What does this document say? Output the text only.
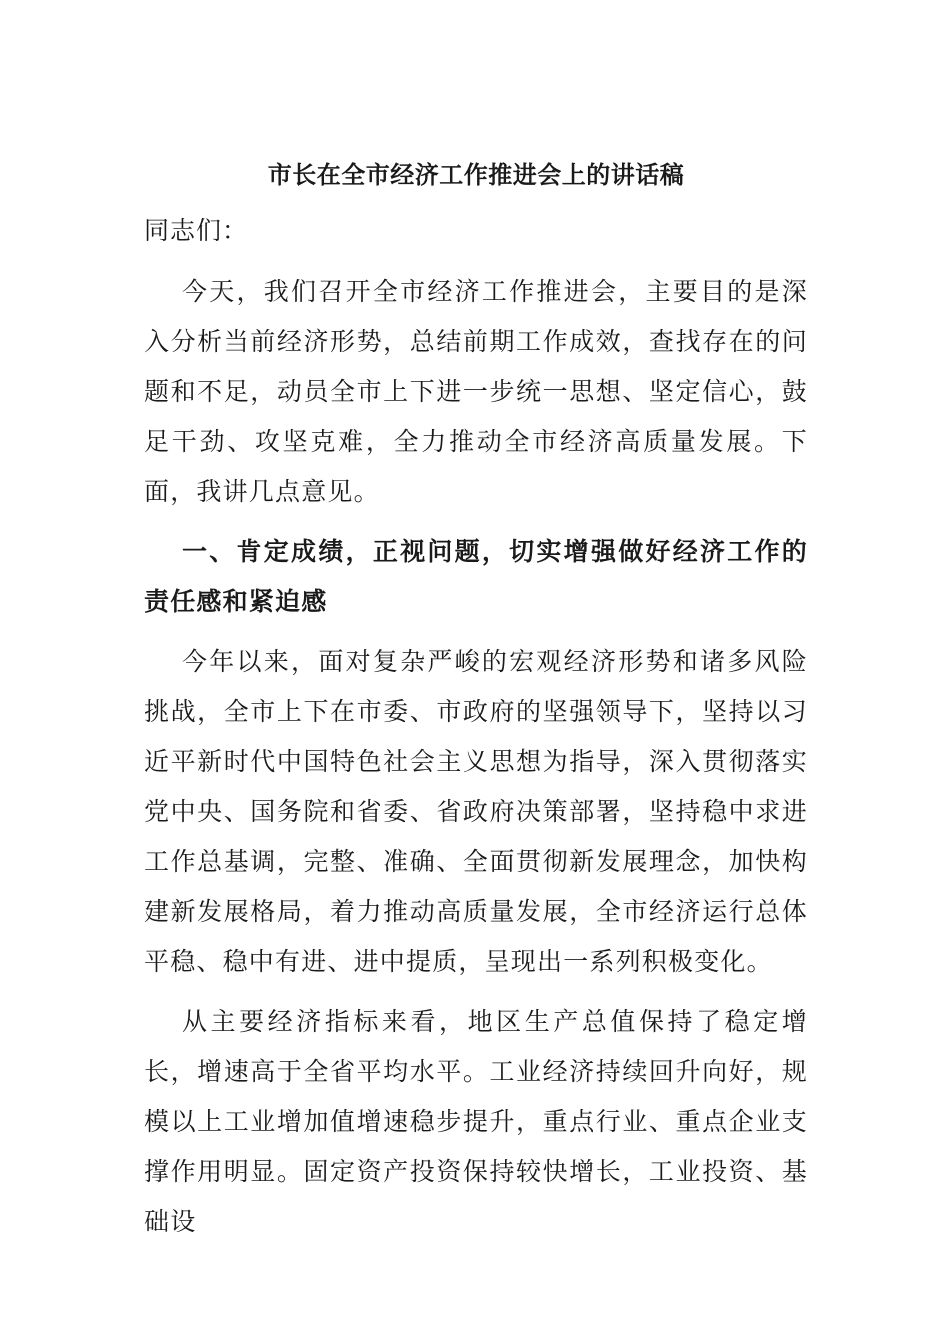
市长在全市经济工作推进会上的讲话稿

同志们：

今天，我们召开全市经济工作推进会，主要目的是深入分析当前经济形势，总结前期工作成效，查找存在的问题和不足，动员全市上下进一步统一思想、坚定信心，鼓足干劲、攻坚克难，全力推动全市经济高质量发展。下面，我讲几点意见。

一、肯定成绩，正视问题，切实增强做好经济工作的责任感和紧迫感

今年以来，面对复杂严峻的宏观经济形势和诸多风险挑战，全市上下在市委、市政府的坚强领导下，坚持以习近平新时代中国特色社会主义思想为指导，深入贯彻落实党中央、国务院和省委、省政府决策部署，坚持稳中求进工作总基调，完整、准确、全面贯彻新发展理念，加快构建新发展格局，着力推动高质量发展，全市经济运行总体平稳、稳中有进、进中提质，呈现出一系列积极变化。

从主要经济指标来看，地区生产总值保持了稳定增长，增速高于全省平均水平。工业经济持续回升向好，规模以上工业增加值增速稳步提升，重点行业、重点企业支撑作用明显。固定资产投资保持较快增长，工业投资、基础设
